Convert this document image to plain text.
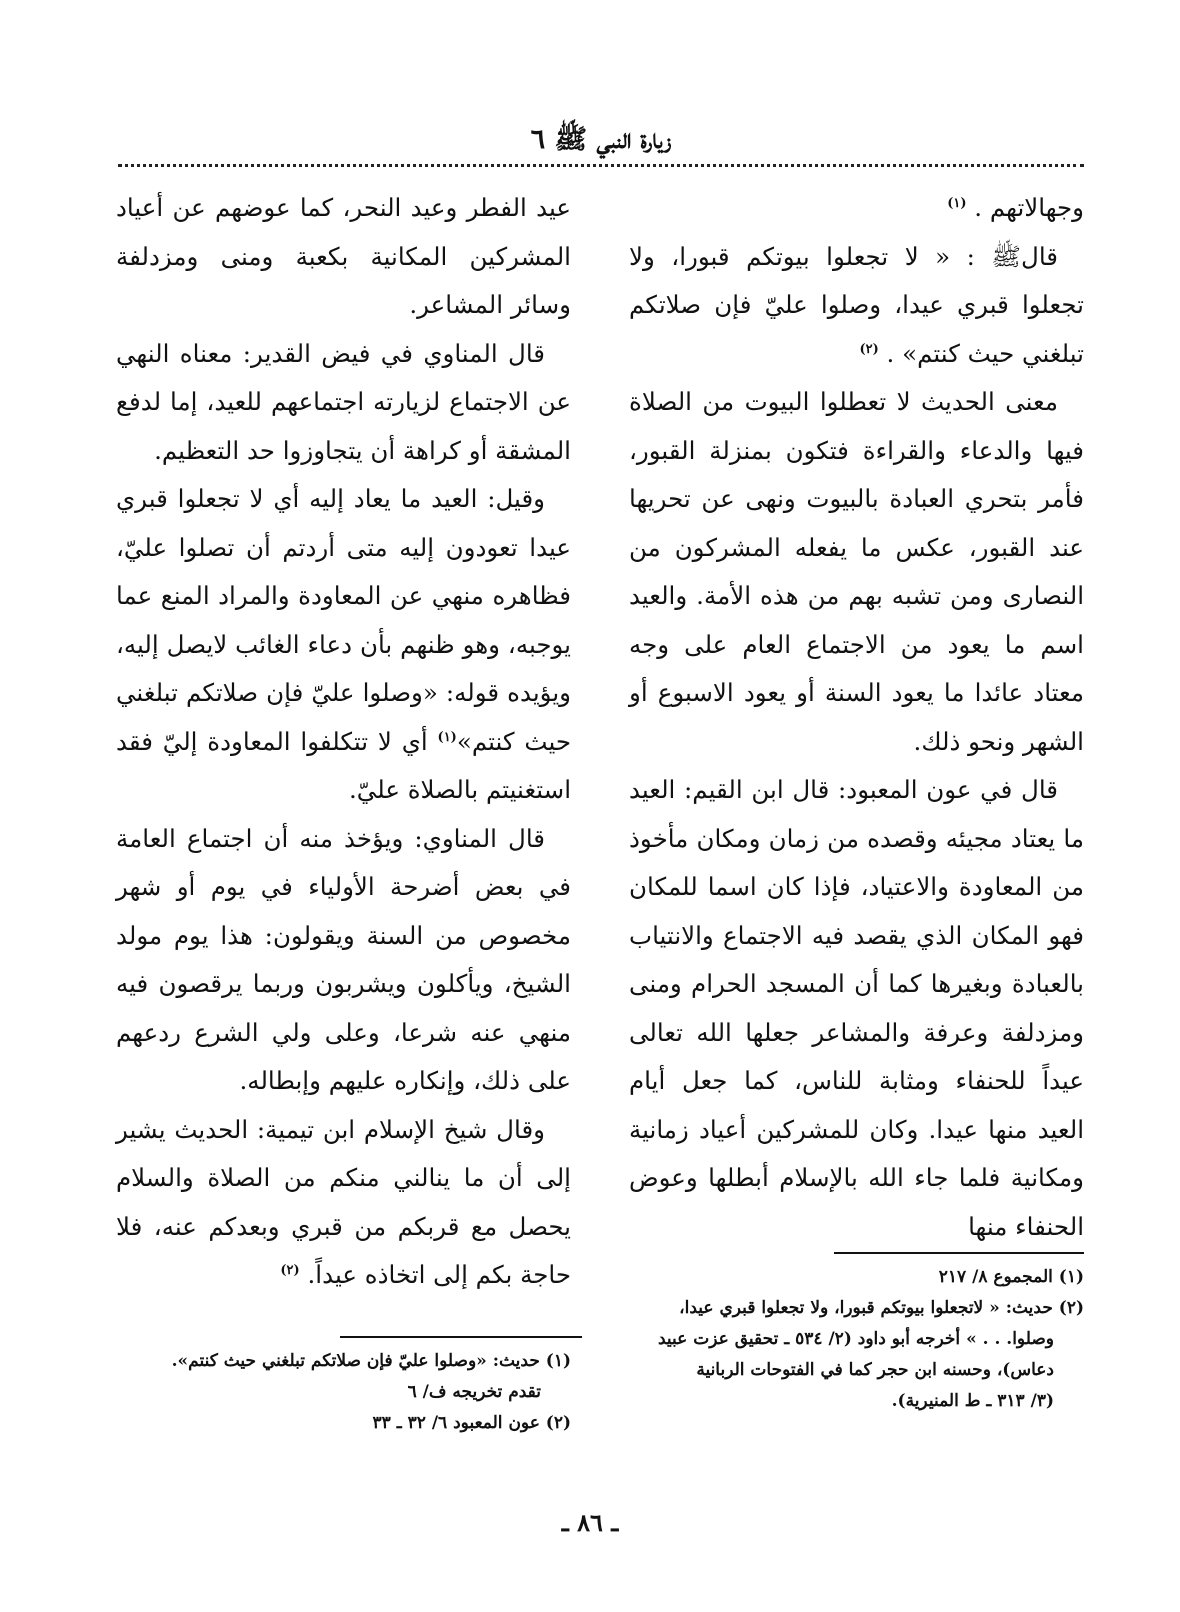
زيارة النبي ﷺ ٦

وجهالاتهم . $^{(١)}$

قالﷺ : « لا تجعلوا بيوتكم قبورا، ولا تجعلوا قبري عيدا، وصلوا عليّ فإن صلاتكم تبلغني حيث كنتم» . $^{(٢)}$

معنى الحديث لا تعطلوا البيوت من الصلاة فيها والدعاء والقراءة فتكون بمنزلة القبور، فأمر بتحري العبادة بالبيوت ونهى عن تحريها عند القبور، عكس ما يفعله المشركون من النصارى ومن تشبه بهم من هذه الأمة. والعيد اسم ما يعود من الاجتماع العام على وجه معتاد عائدا ما يعود السنة أو يعود الاسبوع أو الشهر ونحو ذلك.

قال في عون المعبود: قال ابن القيم: العيد ما يعتاد مجيئه وقصده من زمان ومكان مأخوذ من المعاودة والاعتياد، فإذا كان اسما للمكان فهو المكان الذي يقصد فيه الاجتماع والانتياب بالعبادة وبغيرها كما أن المسجد الحرام ومنى ومزدلفة وعرفة والمشاعر جعلها الله تعالى عيداً للحنفاء ومثابة للناس، كما جعل أيام العيد منها عيدا. وكان للمشركين أعياد زمانية ومكانية فلما جاء الله بالإسلام أبطلها وعوض الحنفاء منها

عيد الفطر وعيد النحر، كما عوضهم عن أعياد المشركين المكانية بكعبة ومنى ومزدلفة وسائر المشاعر.

قال المناوي في فيض القدير: معناه النهي عن الاجتماع لزيارته اجتماعهم للعيد، إما لدفع المشقة أو كراهة أن يتجاوزوا حد التعظيم.

وقيل: العيد ما يعاد إليه أي لا تجعلوا قبري عيدا تعودون إليه متى أردتم أن تصلوا عليّ، فظاهره منهي عن المعاودة والمراد المنع عما يوجبه، وهو ظنهم بأن دعاء الغائب لايصل إليه، ويؤيده قوله: «وصلوا عليّ فإن صلاتكم تبلغني حيث كنتم»$^{(١)}$ أي لا تتكلفوا المعاودة إليّ فقد استغنيتم بالصلاة عليّ.

قال المناوي: ويؤخذ منه أن اجتماع العامة في بعض أضرحة الأولياء في يوم أو شهر مخصوص من السنة ويقولون: هذا يوم مولد الشيخ، ويأكلون ويشربون وربما يرقصون فيه منهي عنه شرعا، وعلى ولي الشرع ردعهم على ذلك، وإنكاره عليهم وإبطاله.

وقال شيخ الإسلام ابن تيمية: الحديث يشير إلى أن ما ينالني منكم من الصلاة والسلام يحصل مع قربكم من قبري وبعدكم عنه، فلا حاجة بكم إلى اتخاذه عيداً. $^{(٢)}$	(١) المجموع ٨/ ٢١٧

(٢) حديث: « لاتجعلوا بيوتكم قبورا، ولا تجعلوا قبري عيدا،

وصلوا. . . » أخرجه أبو داود (٢/ ٥٣٤ ـ تحقيق عزت عبيد

دعاس)، وحسنه ابن حجر كما في الفتوحات الربانية

(٣/ ٣١٣ ـ ط المنيرية).

(١) حديث: «وصلوا عليّ فإن صلاتكم تبلغني حيث كنتم».

تقدم تخريجه ف/ ٦

(٢) عون المعبود ٦/ ٣٢ ـ ٣٣

ـ ٨٦ ـ
